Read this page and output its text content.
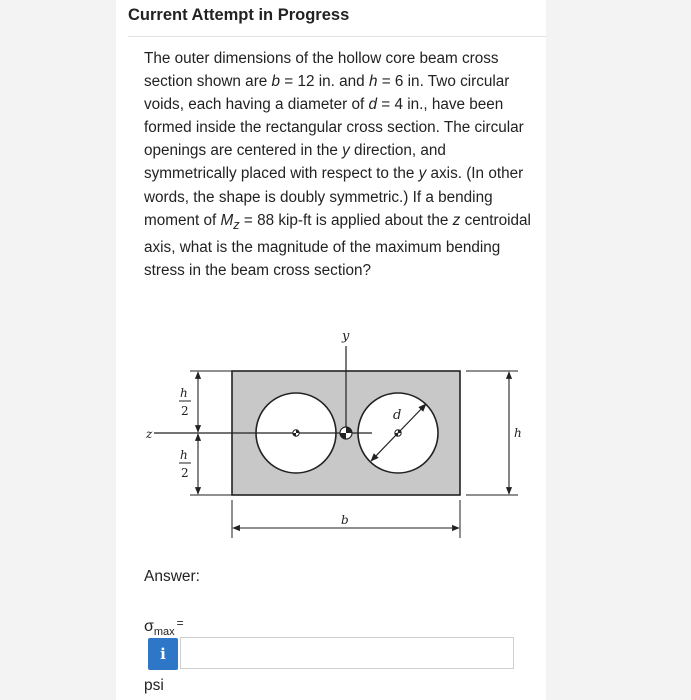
Current Attempt in Progress
The outer dimensions of the hollow core beam cross section shown are b = 12 in. and h = 6 in. Two circular voids, each having a diameter of d = 4 in., have been formed inside the rectangular cross section. The circular openings are centered in the y direction, and symmetrically placed with respect to the y axis. (In other words, the shape is doubly symmetric.) If a bending moment of $M_z = 88$ kip-ft is applied about the z centroidal axis, what is the magnitude of the maximum bending stress in the beam cross section?
y
z
d
h
2
h
2
h
b
Answer:
$\sigma_{max}^=$
i
psi
